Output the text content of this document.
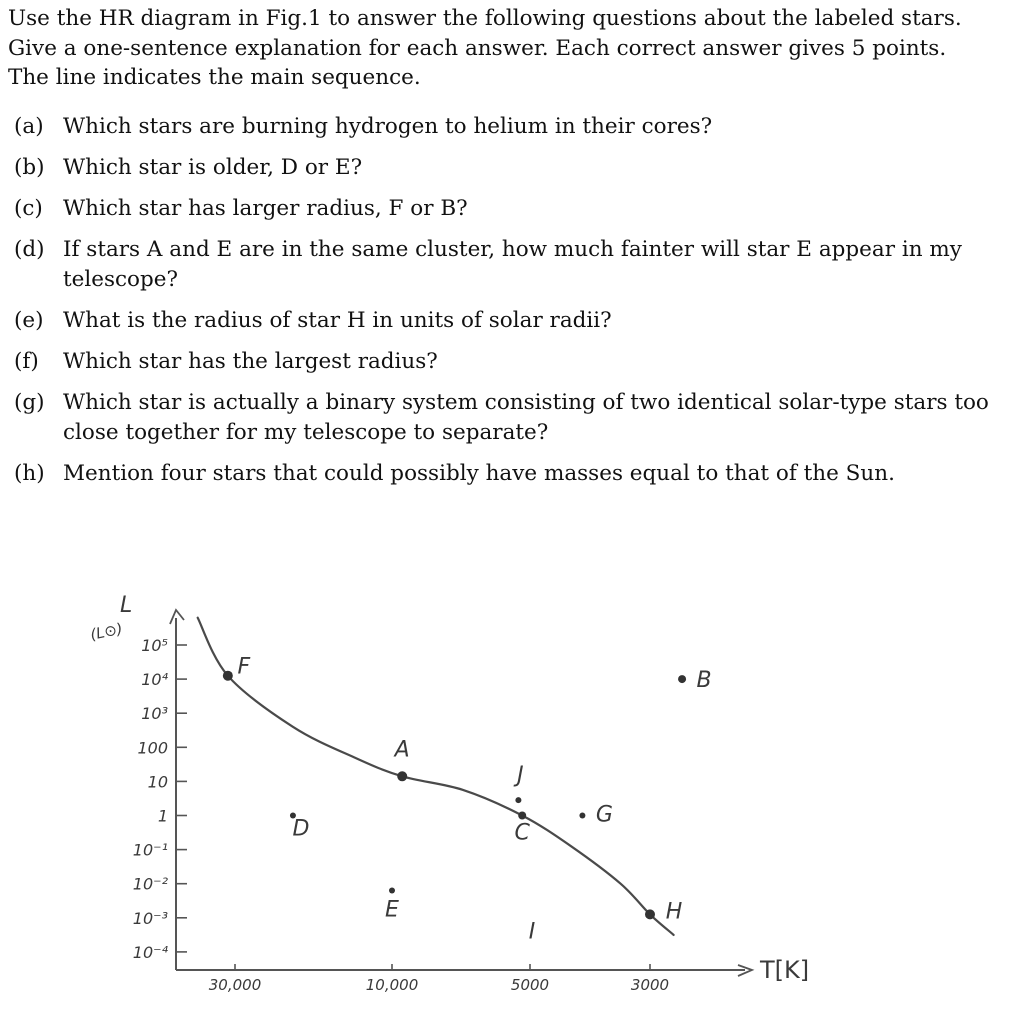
Use the HR diagram in Fig.1 to answer the following questions about the labeled stars.

Give a one-sentence explanation for each answer. Each correct answer gives 5 points.

The line indicates the main sequence.

(a) Which stars are burning hydrogen to helium in their cores?
(b) Which star is older, D or E?
(c) Which star has larger radius, F or B?
(d) If stars A and E are in the same cluster, how much fainter will star E appear in my telescope?
(e) What is the radius of star H in units of solar radii?
(f)	Which star has the largest radius?
(g) Which star is actually a binary system consisting of two identical solar-type stars too close together for my telescope to separate?
(h) Mention four stars that could possibly have masses equal to that of the Sun.
L
(L⊙)
T[K]
10⁵
10⁴
10³
100
10
1
10⁻¹
10⁻²
10⁻³
10⁻⁴
30,000	10,000	5000	3000
F
A
J
C
G
B
H
D
E
I
